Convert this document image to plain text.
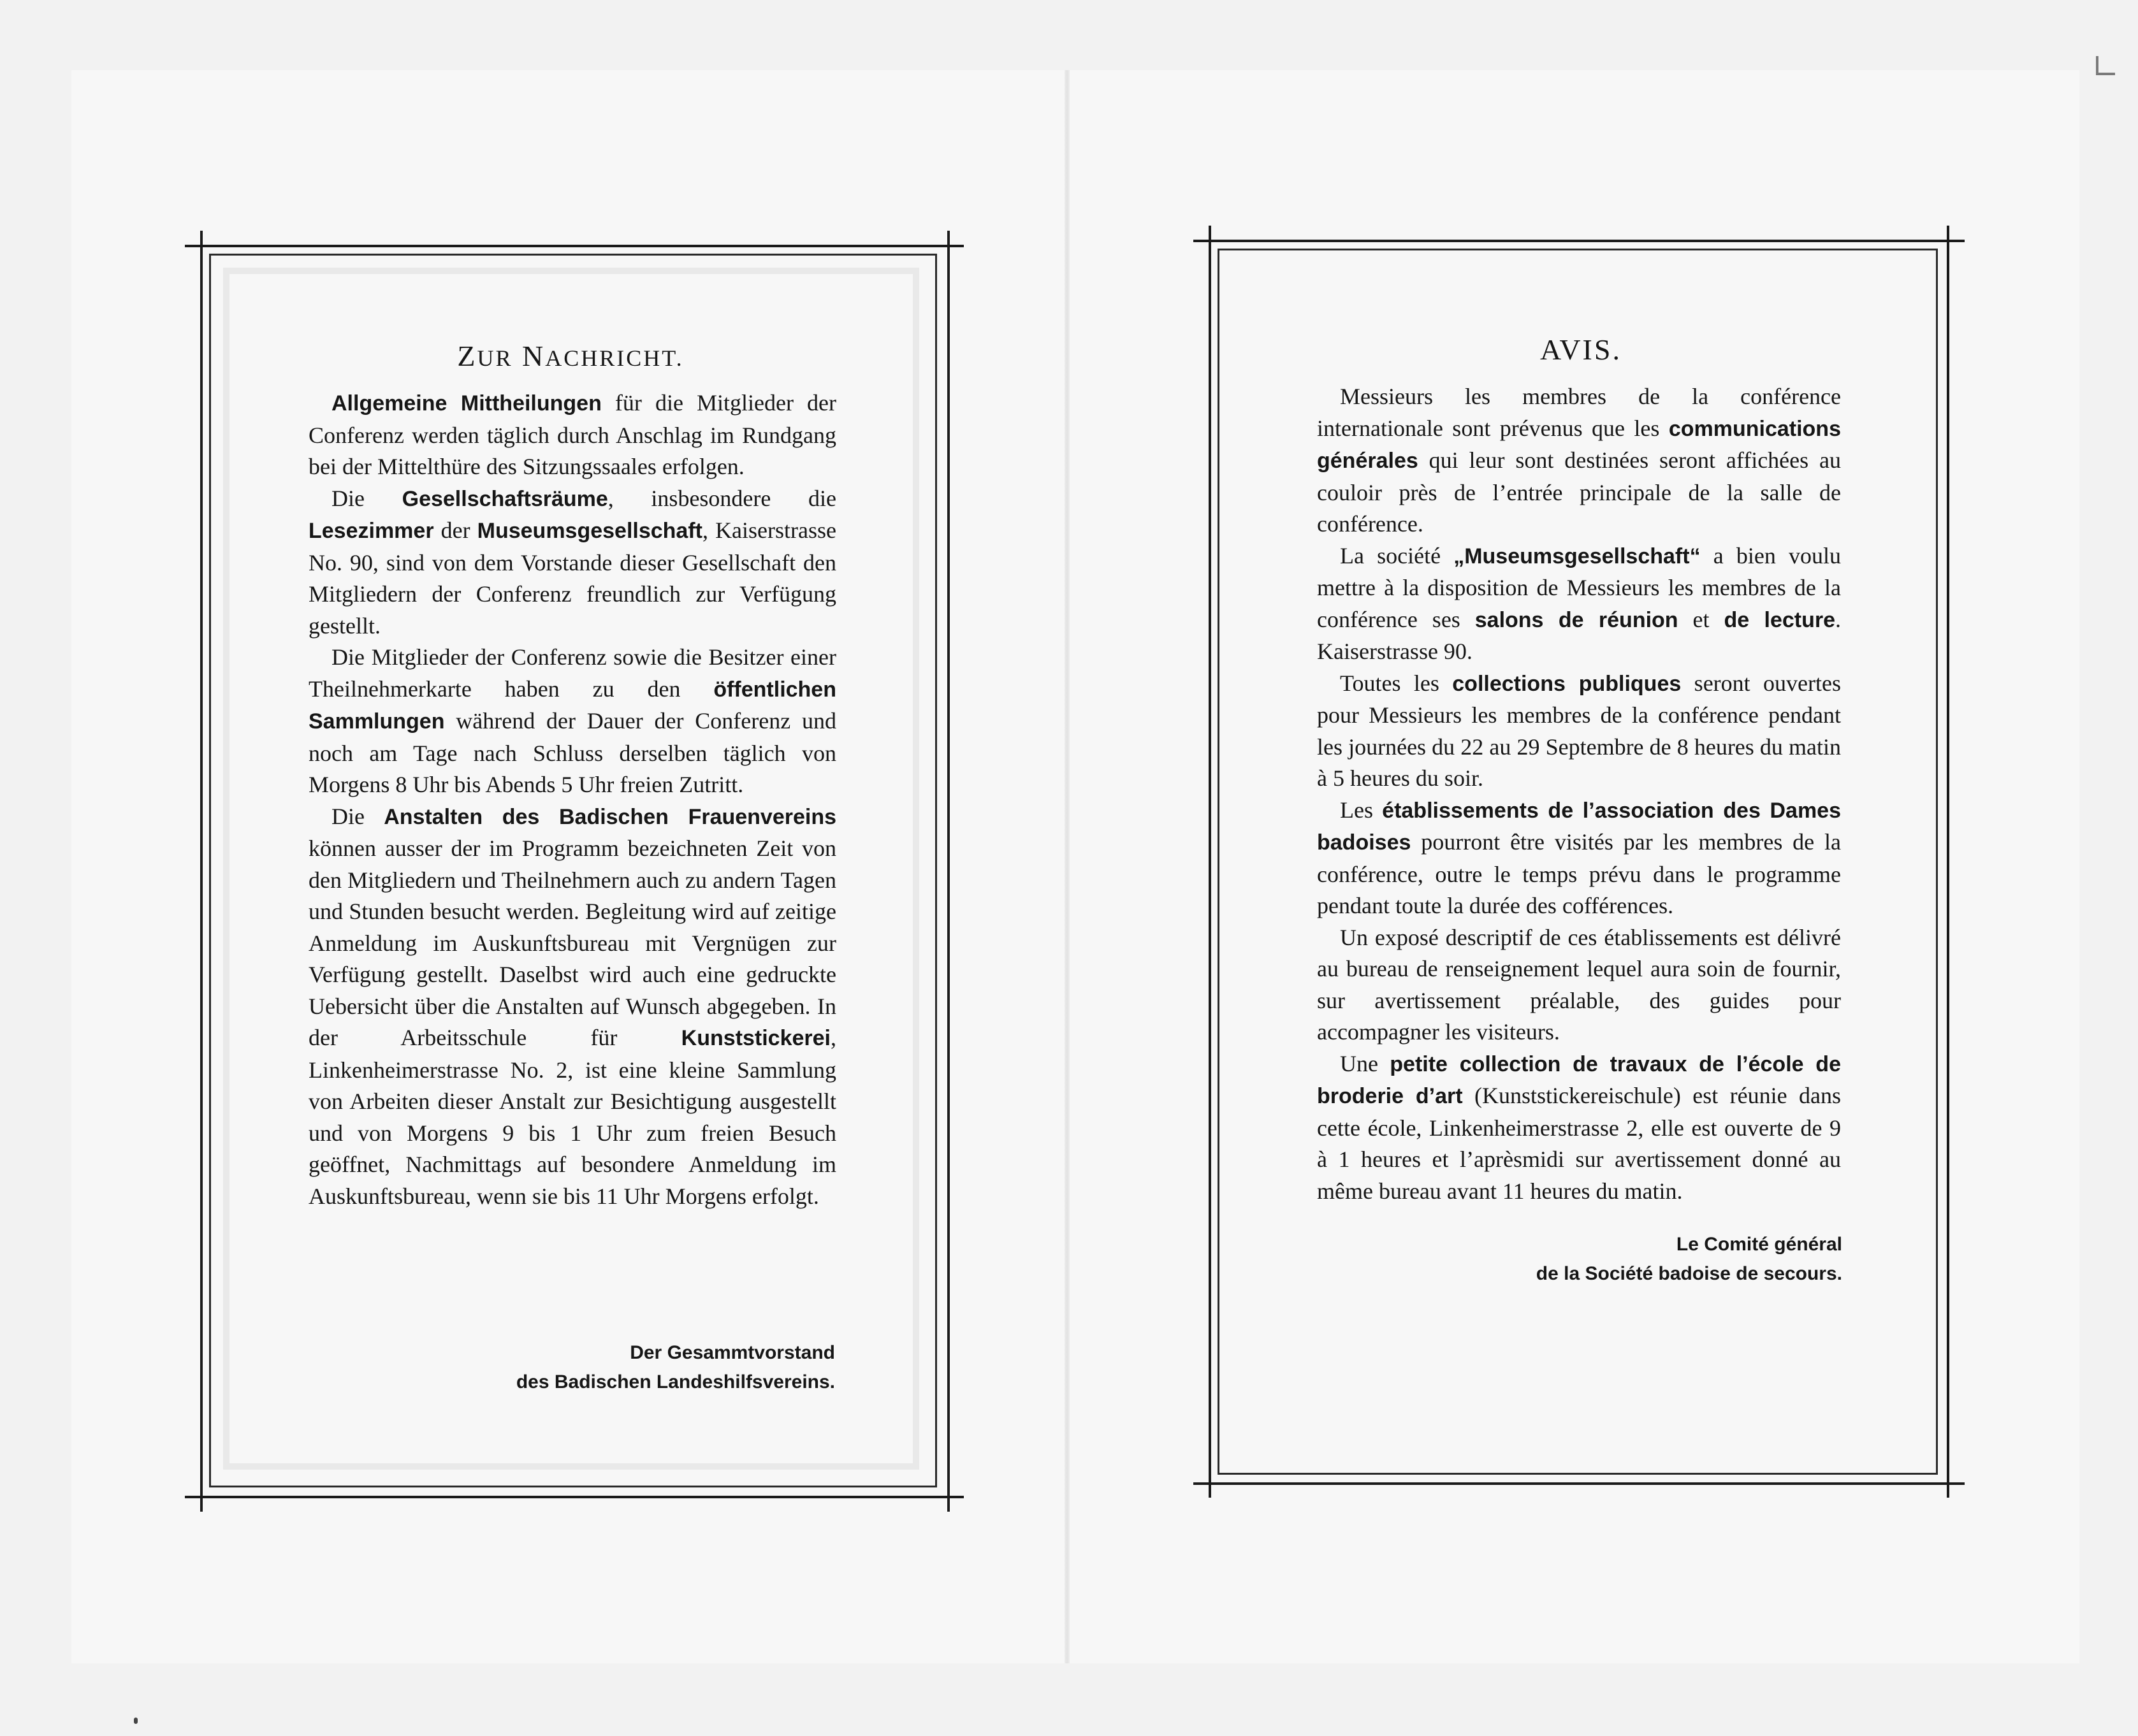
ZUR NACHRICHT.

Allgemeine Mittheilungen für die Mitglieder der Conferenz werden täglich durch Anschlag im Rundgang bei der Mittelthüre des Sitzungssaales erfolgen.

Die Gesellschaftsräume, insbesondere die Lesezimmer der Museumsgesellschaft, Kaiserstrasse No. 90, sind von dem Vorstande dieser Gesellschaft den Mitgliedern der Conferenz freundlich zur Verfügung gestellt.

Die Mitglieder der Conferenz sowie die Besitzer einer Theilnehmerkarte haben zu den öffentlichen Sammlungen während der Dauer der Conferenz und noch am Tage nach Schluss derselben täglich von Morgens 8 Uhr bis Abends 5 Uhr freien Zutritt.

Die Anstalten des Badischen Frauenvereins können ausser der im Programm bezeichneten Zeit von den Mitgliedern und Theilnehmern auch zu andern Tagen und Stunden besucht werden. Begleitung wird auf zeitige Anmeldung im Auskunftsbureau mit Vergnügen zur Verfügung gestellt. Daselbst wird auch eine gedruckte Uebersicht über die Anstalten auf Wunsch abgegeben. In der Arbeitsschule für Kunststickerei, Linkenheimerstrasse No. 2, ist eine kleine Sammlung von Arbeiten dieser Anstalt zur Besichtigung ausgestellt und von Morgens 9 bis 1 Uhr zum freien Besuch geöffnet, Nachmittags auf besondere Anmeldung im Auskunftsbureau, wenn sie bis 11 Uhr Morgens erfolgt.

Der Gesammtvorstand
des Badischen Landeshilfsvereins.
AVIS.

Messieurs les membres de la conférence internationale sont prévenus que les communications générales qui leur sont destinées seront affichées au couloir près de l’entrée principale de la salle de conférence.

La société „Museumsgesellschaft“ a bien voulu mettre à la disposition de Messieurs les membres de la conférence ses salons de réunion et de lecture. Kaiserstrasse 90.

Toutes les collections publiques seront ouvertes pour Messieurs les membres de la conférence pendant les journées du 22 au 29 Septembre de 8 heures du matin à 5 heures du soir.

Les établissements de l’association des Dames badoises pourront être visités par les membres de la conférence, outre le temps prévu dans le programme pendant toute la durée des cofférences.

Un exposé descriptif de ces établissements est délivré au bureau de renseignement lequel aura soin de fournir, sur avertissement préalable, des guides pour accompagner les visiteurs.

Une petite collection de travaux de l’école de broderie d’art (Kunststickereischule) est réunie dans cette école, Linkenheimerstrasse 2, elle est ouverte de 9 à 1 heures et l’aprèsmidi sur avertissement donné au même bureau avant 11 heures du matin.

Le Comité général
de la Société badoise de secours.
